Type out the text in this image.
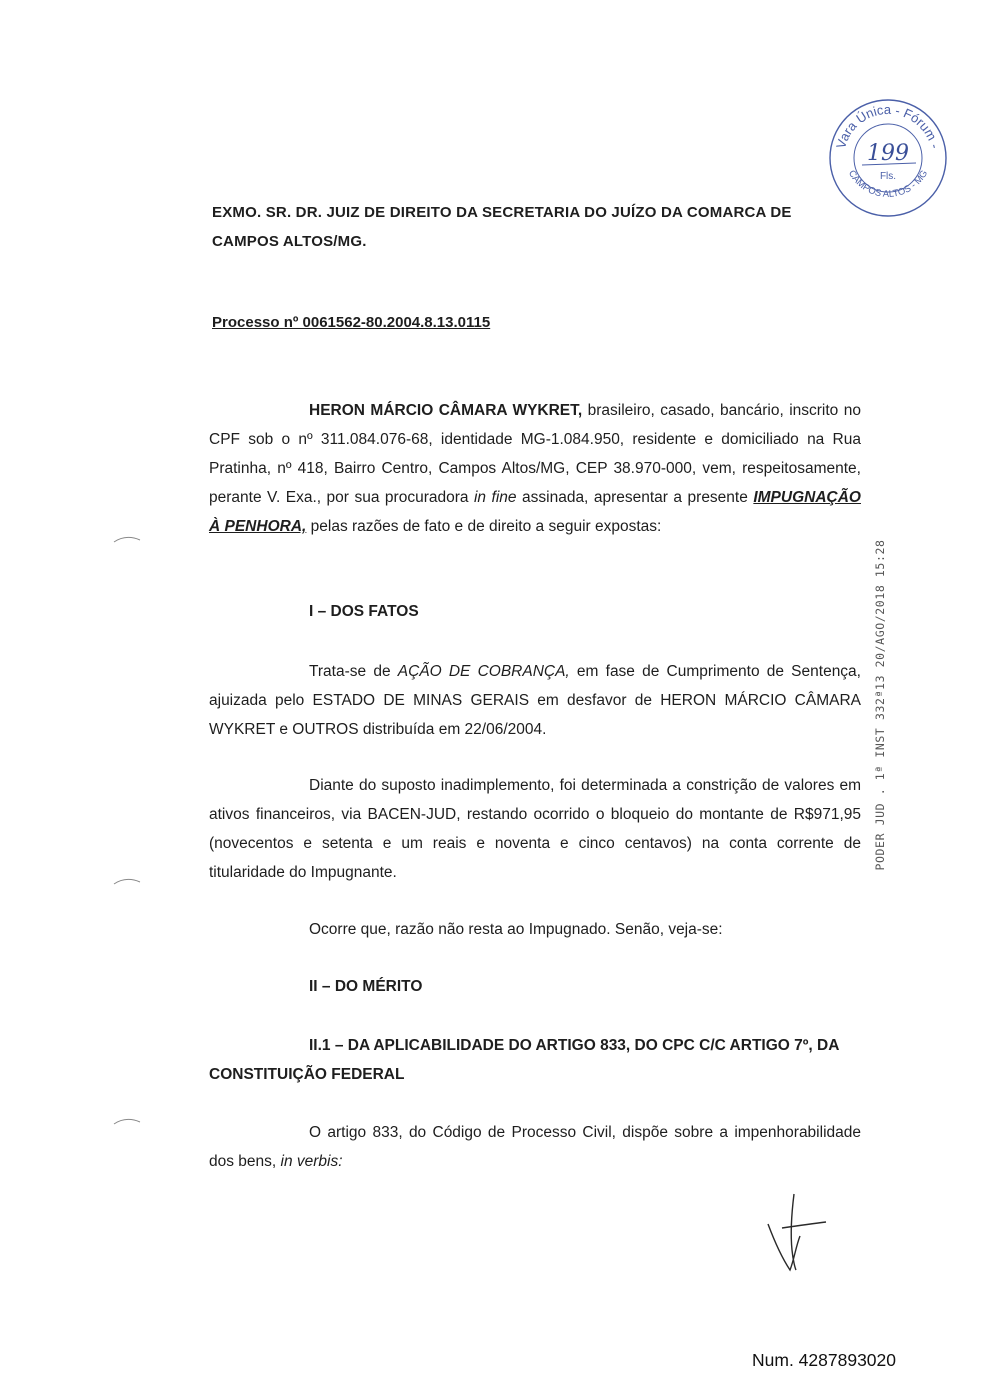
Vara Única - Fórum -
CAMPOS ALTOS - MG
199
Fls.
EXMO. SR. DR. JUIZ DE DIREITO DA SECRETARIA DO JUÍZO DA COMARCA DE
CAMPOS ALTOS/MG.
Processo nº 0061562-80.2004.8.13.0115

HERON MÁRCIO CÂMARA WYKRET, brasileiro, casado, bancário, inscrito no CPF sob o nº 311.084.076-68, identidade MG-1.084.950, residente e domiciliado na Rua Pratinha, nº 418, Bairro Centro, Campos Altos/MG, CEP 38.970-000, vem, respeitosamente, perante V. Exa., por sua procuradora in fine assinada, apresentar a presente IMPUGNAÇÃO À PENHORA, pelas razões de fato e de direito a seguir expostas:

I – DOS FATOS

Trata-se de AÇÃO DE COBRANÇA, em fase de Cumprimento de Sentença, ajuizada pelo ESTADO DE MINAS GERAIS em desfavor de HERON MÁRCIO CÂMARA WYKRET e OUTROS distribuída em 22/06/2004.

Diante do suposto inadimplemento, foi determinada a constrição de valores em ativos financeiros, via BACEN-JUD, restando ocorrido o bloqueio do montante de R$971,95 (novecentos e setenta e um reais e noventa e cinco centavos) na conta corrente de titularidade do Impugnante.

Ocorre que, razão não resta ao Impugnado. Senão, veja-se:
II – DO MÉRITO
II.1 – DA APLICABILIDADE DO ARTIGO 833, DO CPC C/C ARTIGO 7º, DA CONSTITUIÇÃO FEDERAL

O artigo 833, do Código de Processo Civil, dispõe sobre a impenhorabilidade dos bens, in verbis:

PODER JUD . 1ª INST 332ª13 20/AGO/2018 15:28
Num. 4287893020
